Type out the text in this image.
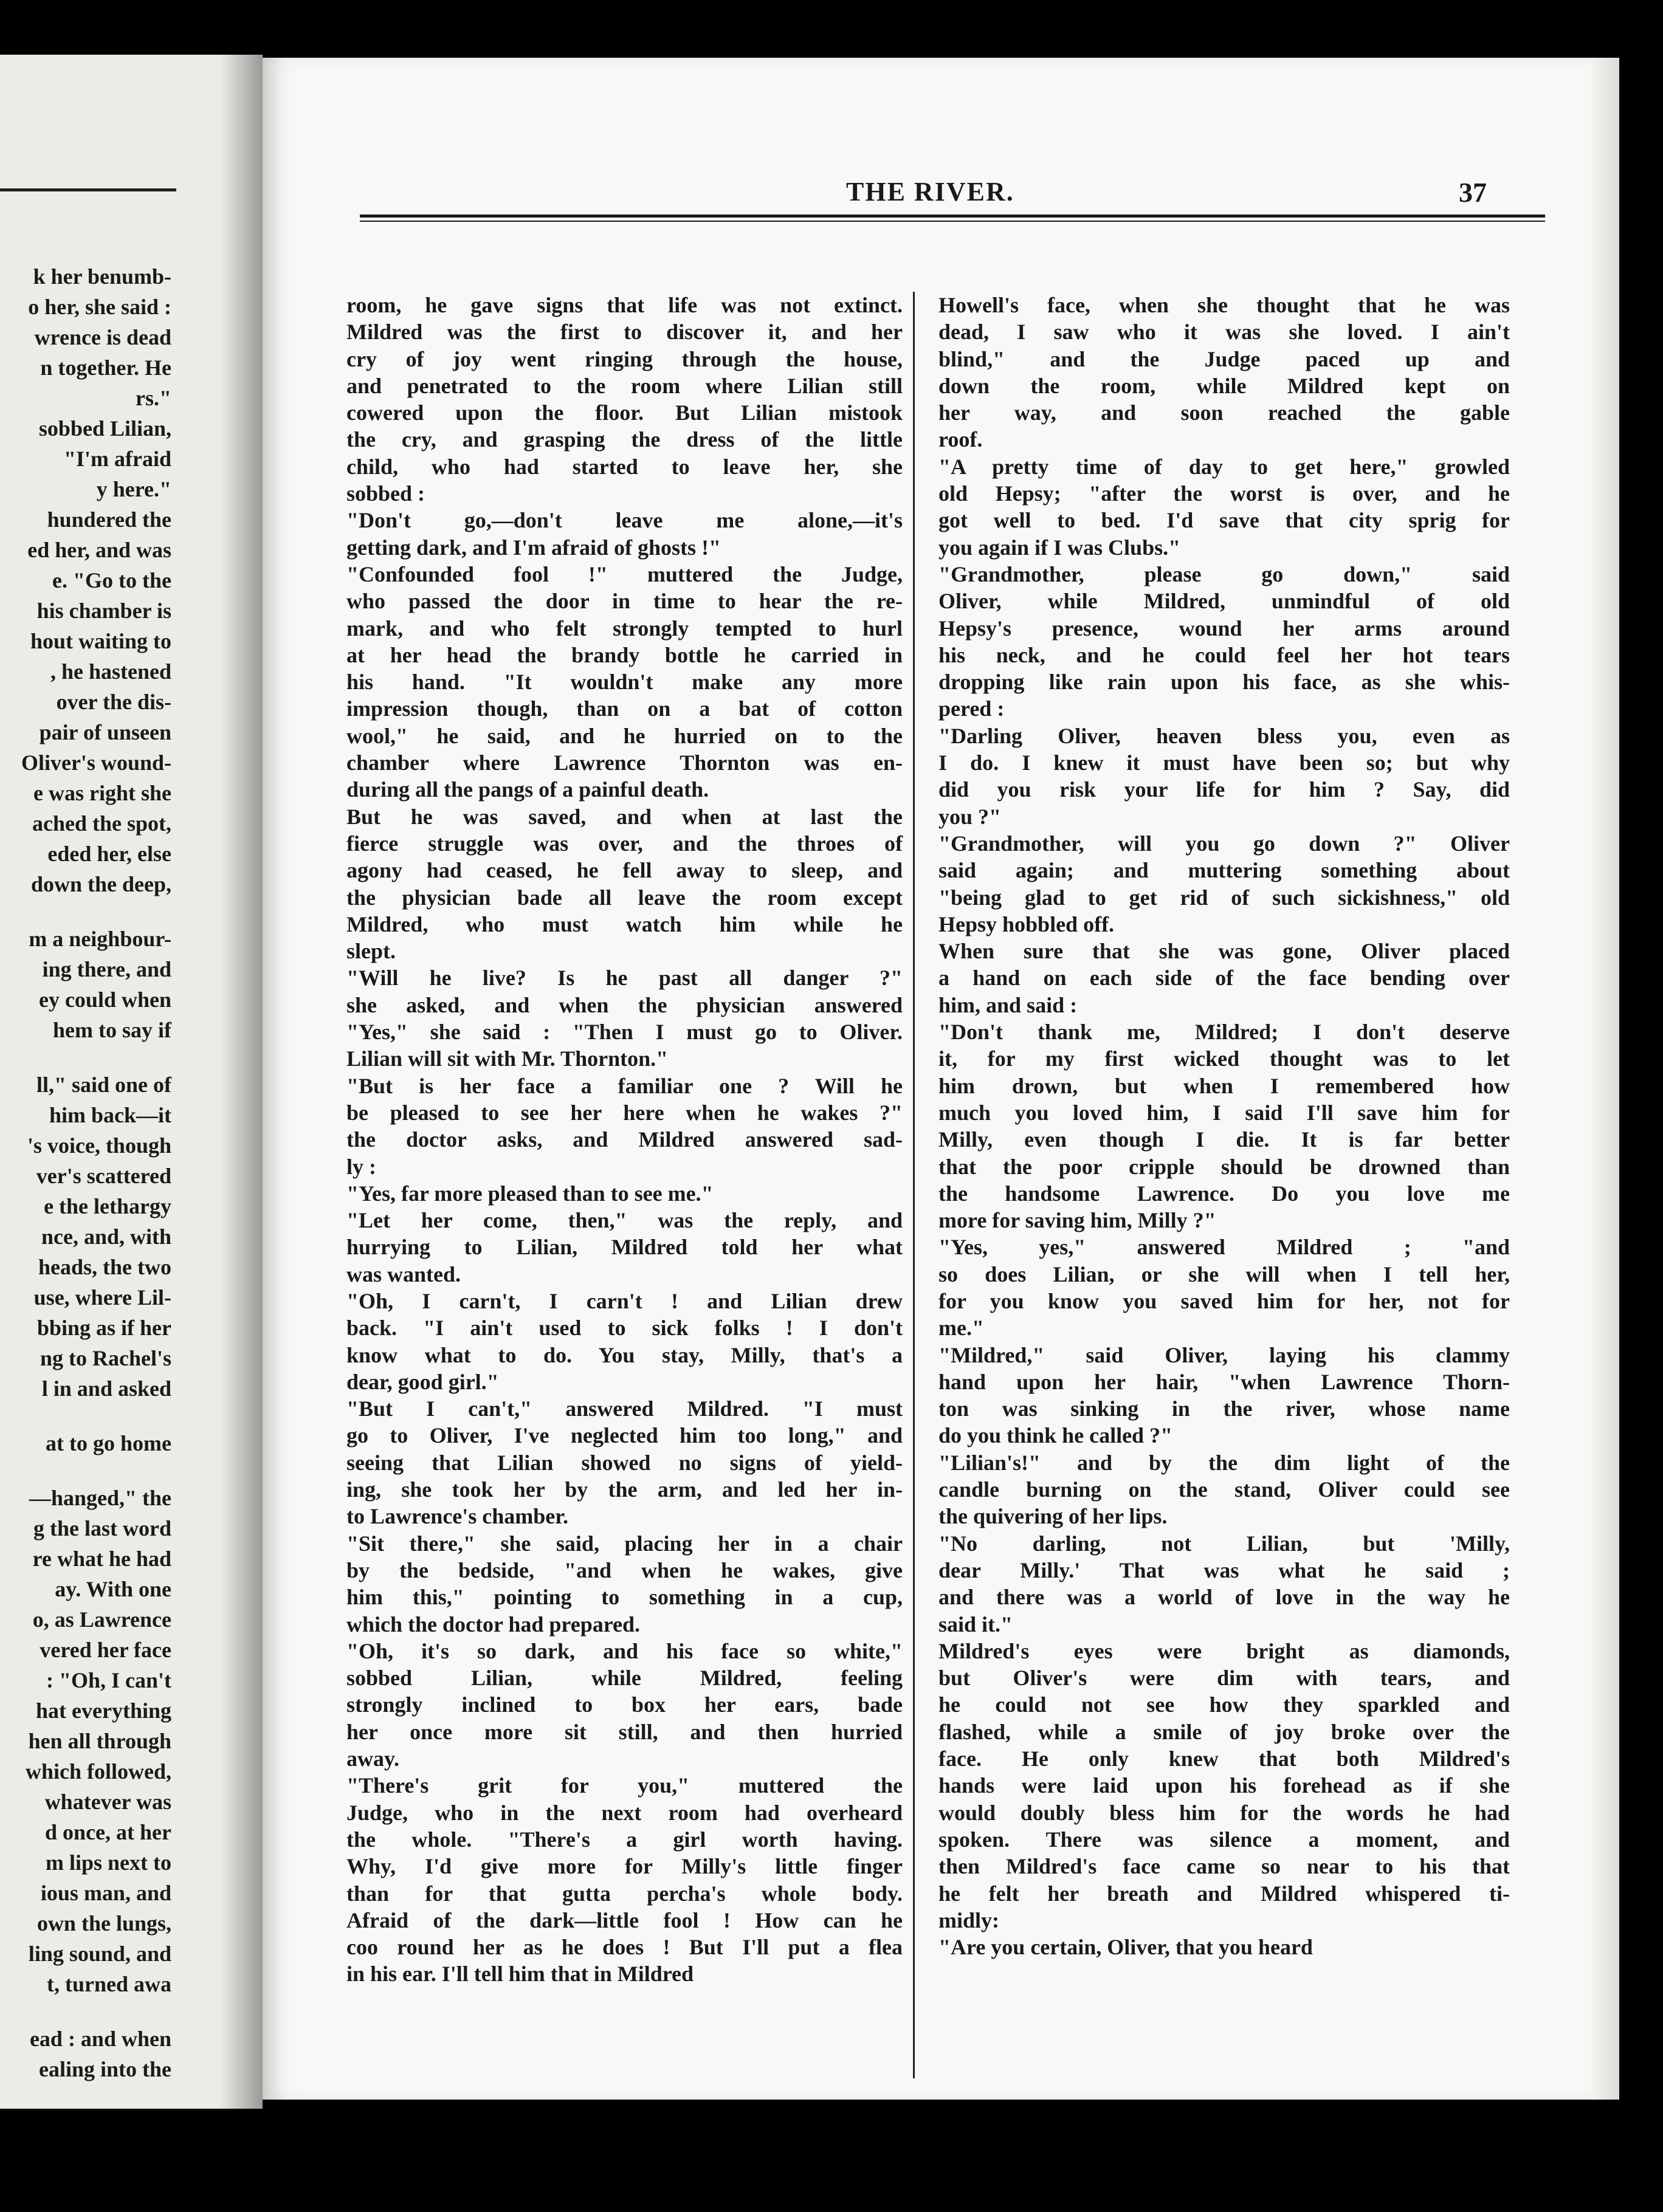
k her benumb-
o her, she said :
wrence is dead
n together. He
rs."
sobbed Lilian,
"I'm afraid
y here."
hundered the
ed her, and was
e. "Go to the
his chamber is
hout waiting to
, he hastened
over the dis-
pair of unseen
Oliver's wound-
e was right she
ached the spot,
eded her, else
down the deep,
m a neighbour-
ing there, and
ey could when
hem to say if
ll," said one of
him back—it
's voice, though
ver's scattered
e the lethargy
nce, and, with
heads, the two
use, where Lil-
bbing as if her
ng to Rachel's
l in and asked
at to go home
—hanged," the
g the last word
re what he had
ay. With one
o, as Lawrence
vered her face
: "Oh, I can't
hat everything
hen all through
which followed,
whatever was
d once, at her
m lips next to
ious man, and
own the lungs,
ling sound, and
t, turned awa
ead : and when
ealing into the
THE RIVER.	37
room, he gave signs that life was not extinct.
Mildred was the first to discover it, and her
cry of joy went ringing through the house,
and penetrated to the room where Lilian still
cowered upon the floor. But Lilian mistook
the cry, and grasping the dress of the little
child, who had started to leave her, she
sobbed :
"Don't go,—don't leave me alone,—it's
getting dark, and I'm afraid of ghosts !"
"Confounded fool !" muttered the Judge,
who passed the door in time to hear the re-
mark, and who felt strongly tempted to hurl
at her head the brandy bottle he carried in
his hand. "It wouldn't make any more
impression though, than on a bat of cotton
wool," he said, and he hurried on to the
chamber where Lawrence Thornton was en-
during all the pangs of a painful death.
But he was saved, and when at last the
fierce struggle was over, and the throes of
agony had ceased, he fell away to sleep, and
the physician bade all leave the room except
Mildred, who must watch him while he
slept.
"Will he live? Is he past all danger ?"
she asked, and when the physician answered
"Yes," she said : "Then I must go to Oliver.
Lilian will sit with Mr. Thornton."
"But is her face a familiar one ? Will he
be pleased to see her here when he wakes ?"
the doctor asks, and Mildred answered sad-
ly :
"Yes, far more pleased than to see me."
"Let her come, then," was the reply, and
hurrying to Lilian, Mildred told her what
was wanted.
"Oh, I carn't, I carn't ! and Lilian drew
back. "I ain't used to sick folks ! I don't
know what to do. You stay, Milly, that's a
dear, good girl."
"But I can't," answered Mildred. "I must
go to Oliver, I've neglected him too long," and
seeing that Lilian showed no signs of yield-
ing, she took her by the arm, and led her in-
to Lawrence's chamber.
"Sit there," she said, placing her in a chair
by the bedside, "and when he wakes, give
him this," pointing to something in a cup,
which the doctor had prepared.
"Oh, it's so dark, and his face so white,"
sobbed Lilian, while Mildred, feeling
strongly inclined to box her ears, bade
her once more sit still, and then hurried
away.
"There's grit for you," muttered the
Judge, who in the next room had overheard
the whole. "There's a girl worth having.
Why, I'd give more for Milly's little finger
than for that gutta percha's whole body.
Afraid of the dark—little fool ! How can he
coo round her as he does ! But I'll put a flea
in his ear. I'll tell him that in Mildred
Howell's face, when she thought that he was
dead, I saw who it was she loved. I ain't
blind," and the Judge paced up and
down the room, while Mildred kept on
her way, and soon reached the gable
roof.
"A pretty time of day to get here," growled
old Hepsy; "after the worst is over, and he
got well to bed. I'd save that city sprig for
you again if I was Clubs."
"Grandmother, please go down," said
Oliver, while Mildred, unmindful of old
Hepsy's presence, wound her arms around
his neck, and he could feel her hot tears
dropping like rain upon his face, as she whis-
pered :
"Darling Oliver, heaven bless you, even as
I do. I knew it must have been so; but why
did you risk your life for him ? Say, did
you ?"
"Grandmother, will you go down ?" Oliver
said again; and muttering something about
"being glad to get rid of such sickishness," old
Hepsy hobbled off.
When sure that she was gone, Oliver placed
a hand on each side of the face bending over
him, and said :
"Don't thank me, Mildred; I don't deserve
it, for my first wicked thought was to let
him drown, but when I remembered how
much you loved him, I said I'll save him for
Milly, even though I die. It is far better
that the poor cripple should be drowned than
the handsome Lawrence. Do you love me
more for saving him, Milly ?"
"Yes, yes," answered Mildred ; "and
so does Lilian, or she will when I tell her,
for you know you saved him for her, not for
me."
"Mildred," said Oliver, laying his clammy
hand upon her hair, "when Lawrence Thorn-
ton was sinking in the river, whose name
do you think he called ?"
"Lilian's!" and by the dim light of the
candle burning on the stand, Oliver could see
the quivering of her lips.
"No darling, not Lilian, but 'Milly,
dear Milly.' That was what he said ;
and there was a world of love in the way he
said it."
Mildred's eyes were bright as diamonds,
but Oliver's were dim with tears, and
he could not see how they sparkled and
flashed, while a smile of joy broke over the
face. He only knew that both Mildred's
hands were laid upon his forehead as if she
would doubly bless him for the words he had
spoken. There was silence a moment, and
then Mildred's face came so near to his that
he felt her breath and Mildred whispered ti-
midly:
"Are you certain, Oliver, that you heard
